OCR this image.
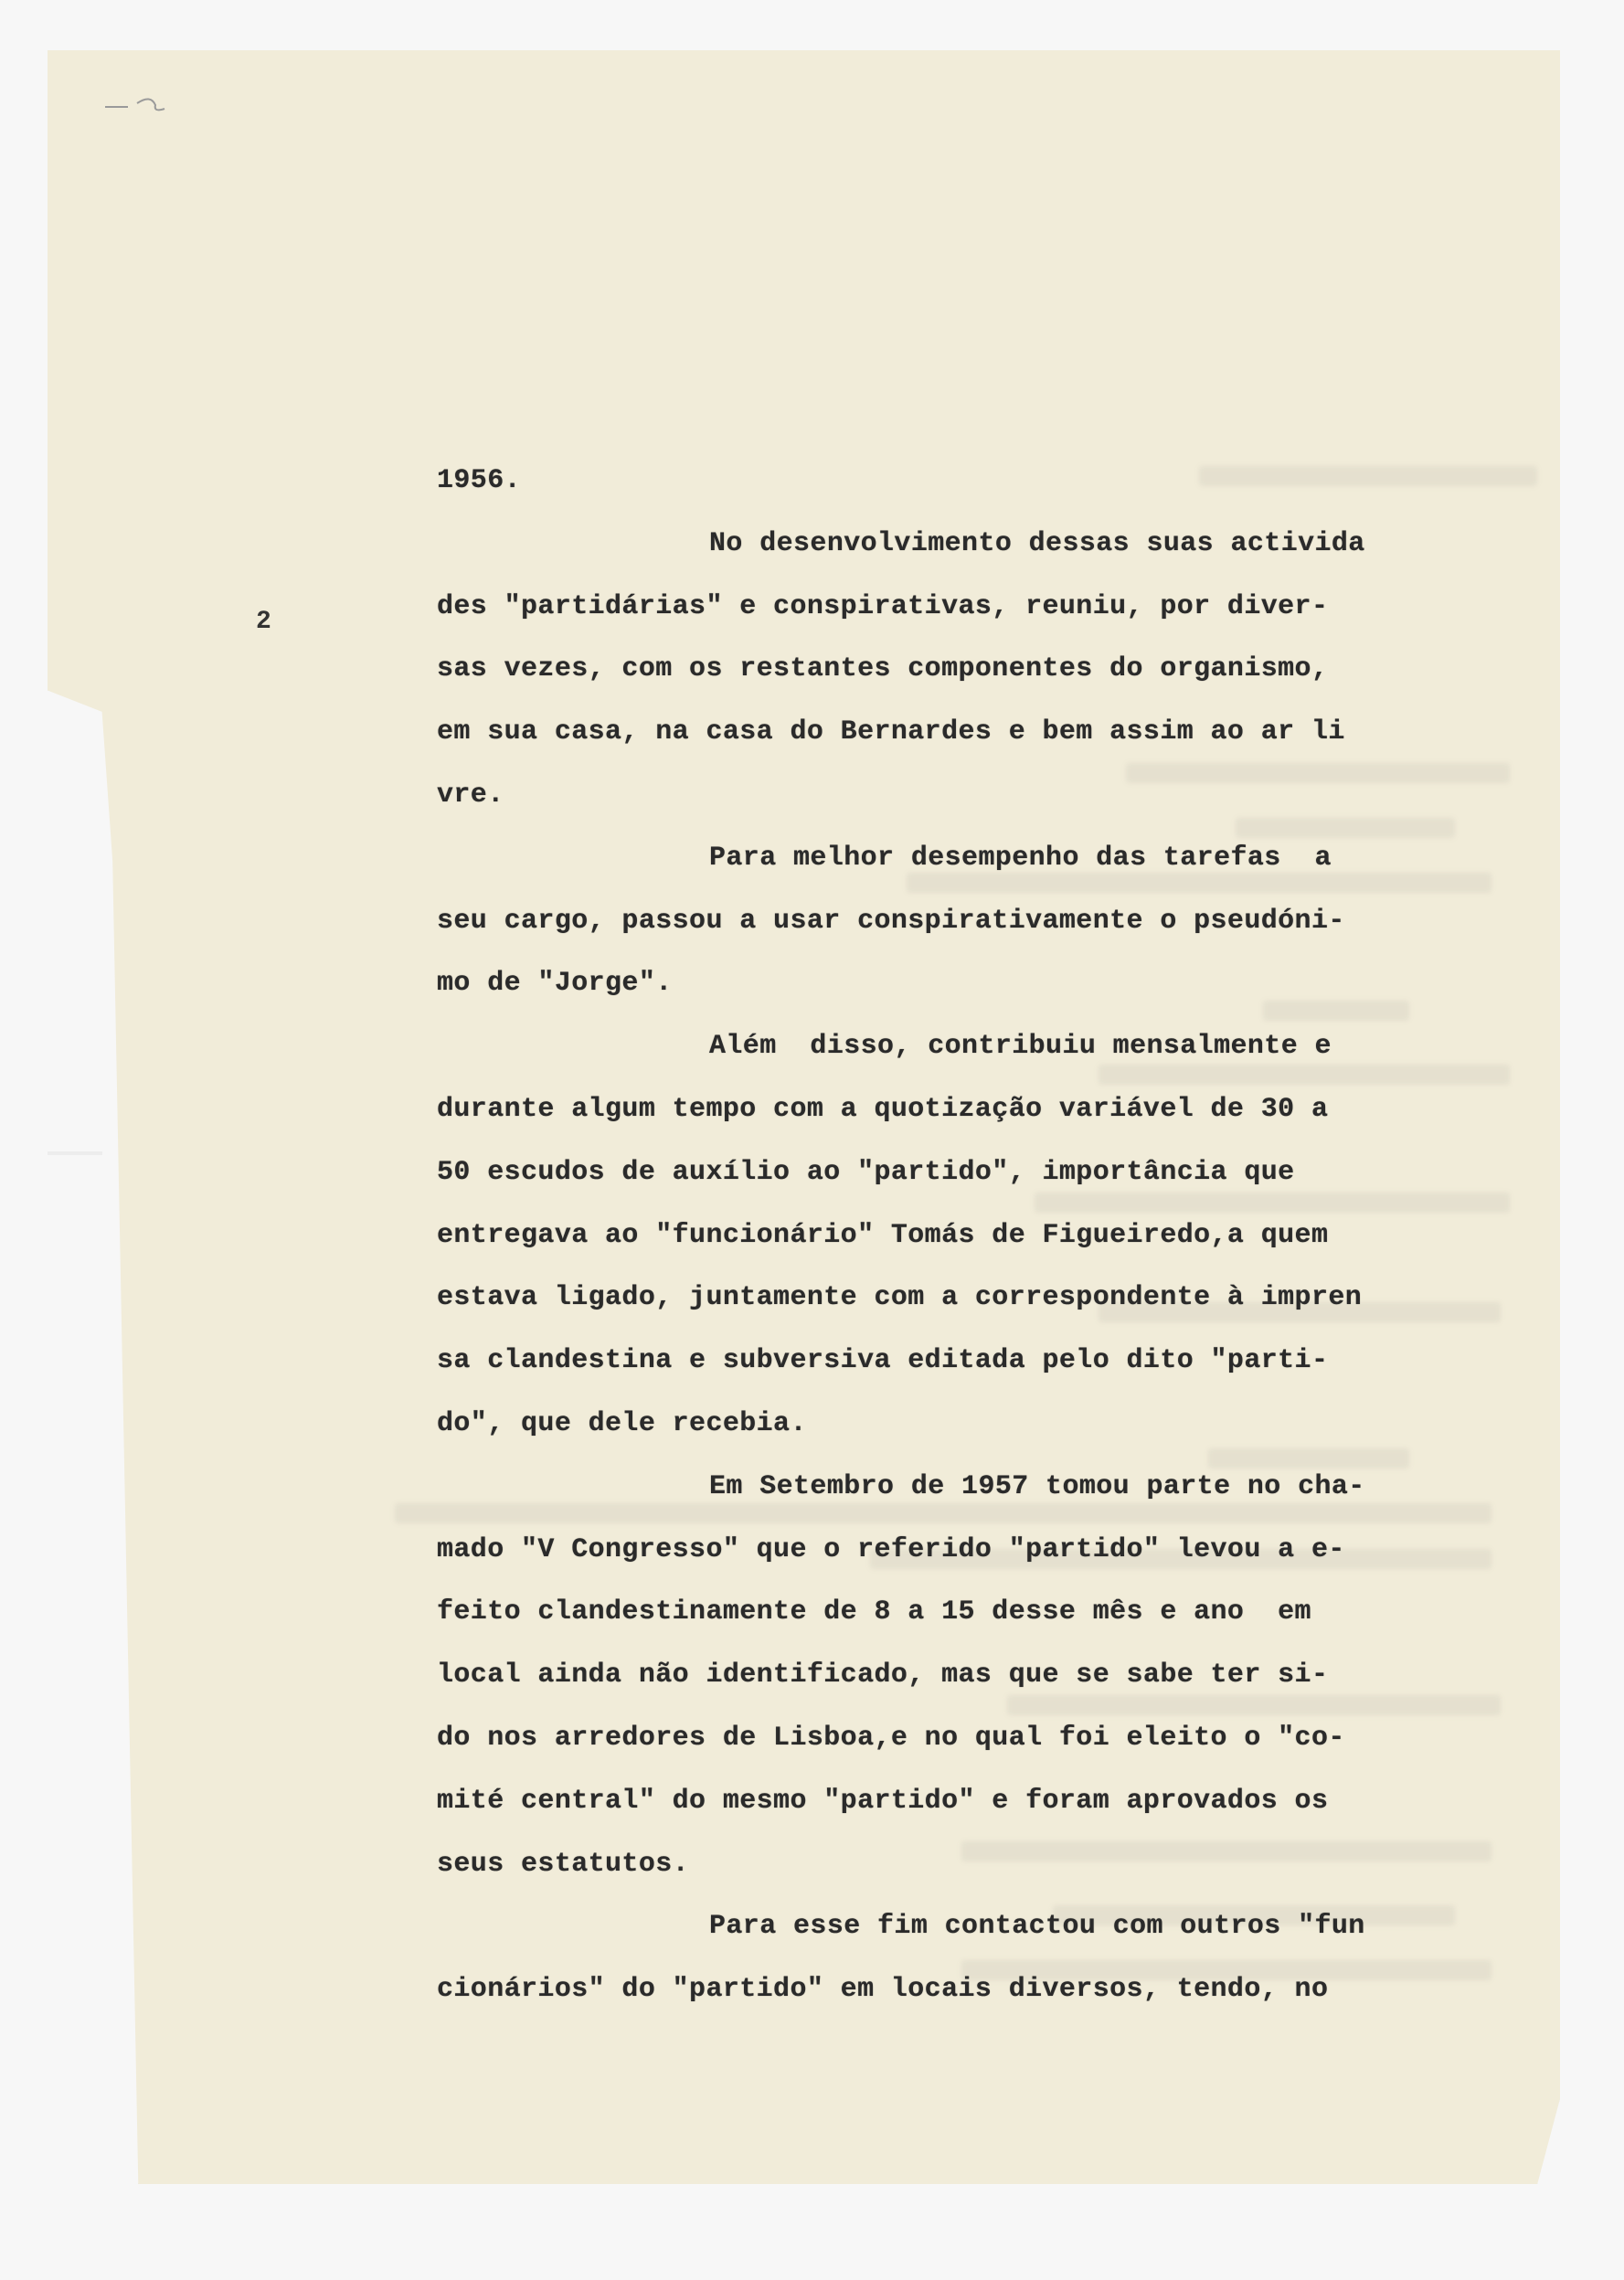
2
1956.
No desenvolvimento dessas suas activida
des "partidárias" e conspirativas, reuniu, por diver-
sas vezes, com os restantes componentes do organismo,
em sua casa, na casa do Bernardes e bem assim ao ar li
vre.
Para melhor desempenho das tarefas  a
seu cargo, passou a usar conspirativamente o pseudóni-
mo de "Jorge".
Além  disso, contribuiu mensalmente e
durante algum tempo com a quotização variável de 30 a
50 escudos de auxílio ao "partido", importância que
entregava ao "funcionário" Tomás de Figueiredo,a quem
estava ligado, juntamente com a correspondente à impren
sa clandestina e subversiva editada pelo dito "parti-
do", que dele recebia.
Em Setembro de 1957 tomou parte no cha-
mado "V Congresso" que o referido "partido" levou a e-
feito clandestinamente de 8 a 15 desse mês e ano  em
local ainda não identificado, mas que se sabe ter si-
do nos arredores de Lisboa,e no qual foi eleito o "co-
mité central" do mesmo "partido" e foram aprovados os
seus estatutos.
Para esse fim contactou com outros "fun
cionários" do "partido" em locais diversos, tendo, no
